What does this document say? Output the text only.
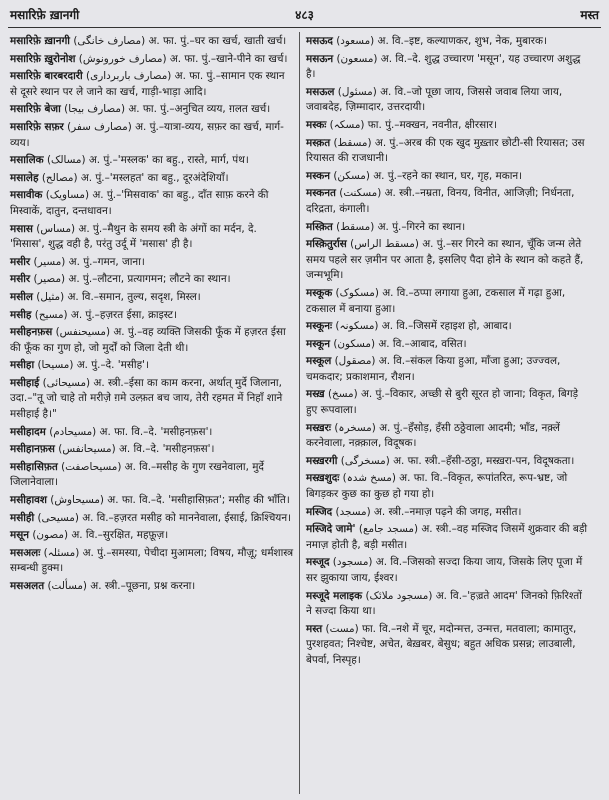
मसारिफ़े ख़ानगी	४८३	मस्त
मसारिफ़े ख़ानगी (مصارف خانگی) अ. फा. पुं.–घर का खर्च, खाती खर्च।
मसारिफ़े ख़ुरोनोश (مصارف خورونوش) अ. फा. पुं.–खाने-पीने का खर्च।
मसारिफ़े बारबरदारी (مصارف باربرداری) अ. फा. पुं.–सामान एक स्थान से दूसरे स्थान पर ले जाने का खर्च, गाड़ी-भाड़ा आदि।
मसारिफ़े बेजा (مصارف بیجا) अ. फा. पुं.–अनुचित व्यय, ग़लत खर्च।
मसारिफ़े सफ़र (مصارف سفر) अ. पुं.–यात्रा-व्यय, सफ़र का खर्च, मार्ग-व्यय।
मसालिक (مسالک) अ. पुं.–'मस्लक' का बहु., रास्ते, मार्ग, पंथ।
मसालेह (مصالح) अ. पुं.–'मस्लहत' का बहु., दूरअंदेशियाँ।
मसावीक (مساویک) अ. पुं.–'मिसवाक' का बहु., दाँत साफ़ करने की मिस्वाकें, दातुन, दन्तधावन।
मसास (مساس) अ. पुं.–मैथुन के समय स्त्री के अंगों का मर्दन, दे. 'मिसास', शुद्ध वही है, परंतु उर्दू में 'मसास' ही है।
मसीर (مسیر) अ. पुं.–गमन, जाना।
मसीर (مصیر) अ. पुं.–लौटना, प्रत्यागमन; लौटने का स्थान।
मसील (مثیل) अ. वि.–समान, तुल्य, सदृश, मिस्ल।
मसीह (مسیح) अ. पुं.–हज़रत ईसा, क्राइस्ट।
मसीहनफ़स (مسیحنفس) अ. पुं.–वह व्यक्ति जिसकी फूँक में हज़रत ईसा की फूँक का गुण हो, जो मुर्दों को जिला देती थी।
मसीहा (مسیحا) अ. पुं.–दे. 'मसीह'।
मसीहाई (مسیحائی) अ. स्त्री.–ईसा का काम करना, अर्थात् मुर्दे जिलाना, उदा.–"तू जो चाहे तो मरीज़े ग़मे उल्फ़त बच जाय, तेरी रहमत में निहाँ शाने मसीहाई है।"
मसीहादम (مسیحادم) अ. फा. वि.–दे. 'मसीहनफ़स'।
मसीहानफ़स (مسیحانفس) अ. वि.–दे. 'मसीहनफ़स'।
मसीहासिफ़त (مسیحاصفت) अ. वि.–मसीह के गुण रखनेवाला, मुर्दे जिलानेवाला।
मसीहावश (مسیحاوش) अ. फा. वि.–दे. 'मसीहासिफ़त'; मसीह की भाँति।
मसीही (مسیحی) अ. वि.–हज़रत मसीह को माननेवाला, ईसाई, क्रिश्चियन।
मसून (مصون) अ. वि.–सुरक्षित, महफ़ूज़।
मसअलः (مسئلہ) अ. पुं.–समस्या, पेचीदा मुआमला; विषय, मौज़ू; धर्मशास्त्र सम्बन्धी हुक्म।
मसअलत (مسألت) अ. स्त्री.–पूछना, प्रश्न करना।
मसऊद (مسعود) अ. वि.–इष्ट, कल्याणकर, शुभ, नेक, मुबारक।
मसऊन (مسعون) अ. वि.–दे. शुद्ध उच्चारण 'मसून', यह उच्चारण अशुद्ध है।
मसऊल (مسئول) अ. वि.–जो पूछा जाय, जिससे जवाब लिया जाय, जवाबदेह, ज़िम्मादार, उत्तरदायी।
मस्कः (مسکہ) फा. पुं.–मक्खन, नवनीत, क्षीरसार।
मस्क़त (مسقط) अ. पुं.–अरब की एक खुद मुख़्तार छोटी-सी रियासत; उस रियासत की राजधानी।
मस्कन (مسکن) अ. पुं.–रहने का स्थान, घर, गृह, मकान।
मस्कनत (مسکنت) अ. स्त्री.–नम्रता, विनय, विनीत, आजिज़ी; निर्धनता, दरिद्रता, कंगाली।
मस्क़ित (مسقط) अ. पुं.–गिरने का स्थान।
मस्क़ितुर्रास (مسقط الراس) अ. पुं.–सर गिरने का स्थान, चूँकि जन्म लेते समय पहले सर ज़मीन पर आता है, इसलिए पैदा होने के स्थान को कहते हैं, जन्मभूमि।
मस्कूक (مسکوک) अ. वि.–ठप्पा लगाया हुआ, टकसाल में गढ़ा हुआ, टकसाल में बनाया हुआ।
मस्कूनः (مسکونہ) अ. वि.–जिसमें रहाइश हो, आबाद।
मस्कून (مسکون) अ. वि.–आबाद, वसित।
मस्कूल (مصقول) अ. वि.–संकल किया हुआ, माँजा हुआ; उज्ज्वल, चमकदार; प्रकाशमान, रौशन।
मस्ख़ (مسخ) अ. पुं.–विकार, अच्छी से बुरी सूरत हो जाना; विकृत, बिगड़े हुए रूपवाला।
मस्ख़रः (مسخرہ) अ. पुं.–हँसोड़, हँसी ठठ्ठेवाला आदमी; भाँड, नक़्लें करनेवाला, नक़्क़ाल, विदूषक।
मस्ख़रगी (مسخرگی) अ. फा. स्त्री.–हँसी-ठठ्ठा, मस्ख़रा-पन, विदूषकता।
मस्ख़शुदः (مسخ شدہ) अ. फा. वि.–विकृत, रूपांतरित, रूप-भ्रष्ट, जो बिगड़कर कुछ का कुछ हो गया हो।
मस्जिद (مسجد) अ. स्त्री.–नमाज़ पढ़ने की जगह, मसीत।
मस्जिदे जामे' (مسجد جامع) अ. स्त्री.–वह मस्जिद जिसमें शुक्रवार की बड़ी नमाज़ होती है, बड़ी मसीत।
मस्जूद (مسجود) अ. वि.–जिसको सज्दा किया जाय, जिसके लिए पूजा में सर झुकाया जाय, ईश्वर।
मस्जूदे मलाइक (مسجود ملائک) अ. वि.–'हज़्रते आदम' जिनको फ़िरिश्तों ने सज्दा किया था।
मस्त (مست) फा. वि.–नशे में चूर, मदोन्मत्त, उन्मत्त, मतवाला; कामातुर, पुरशहवत; निश्चेष्ट, अचेत, बेख़बर, बेसुध; बहुत अधिक प्रसन्न; लाउबाली, बेपर्वा, निस्पृह।
